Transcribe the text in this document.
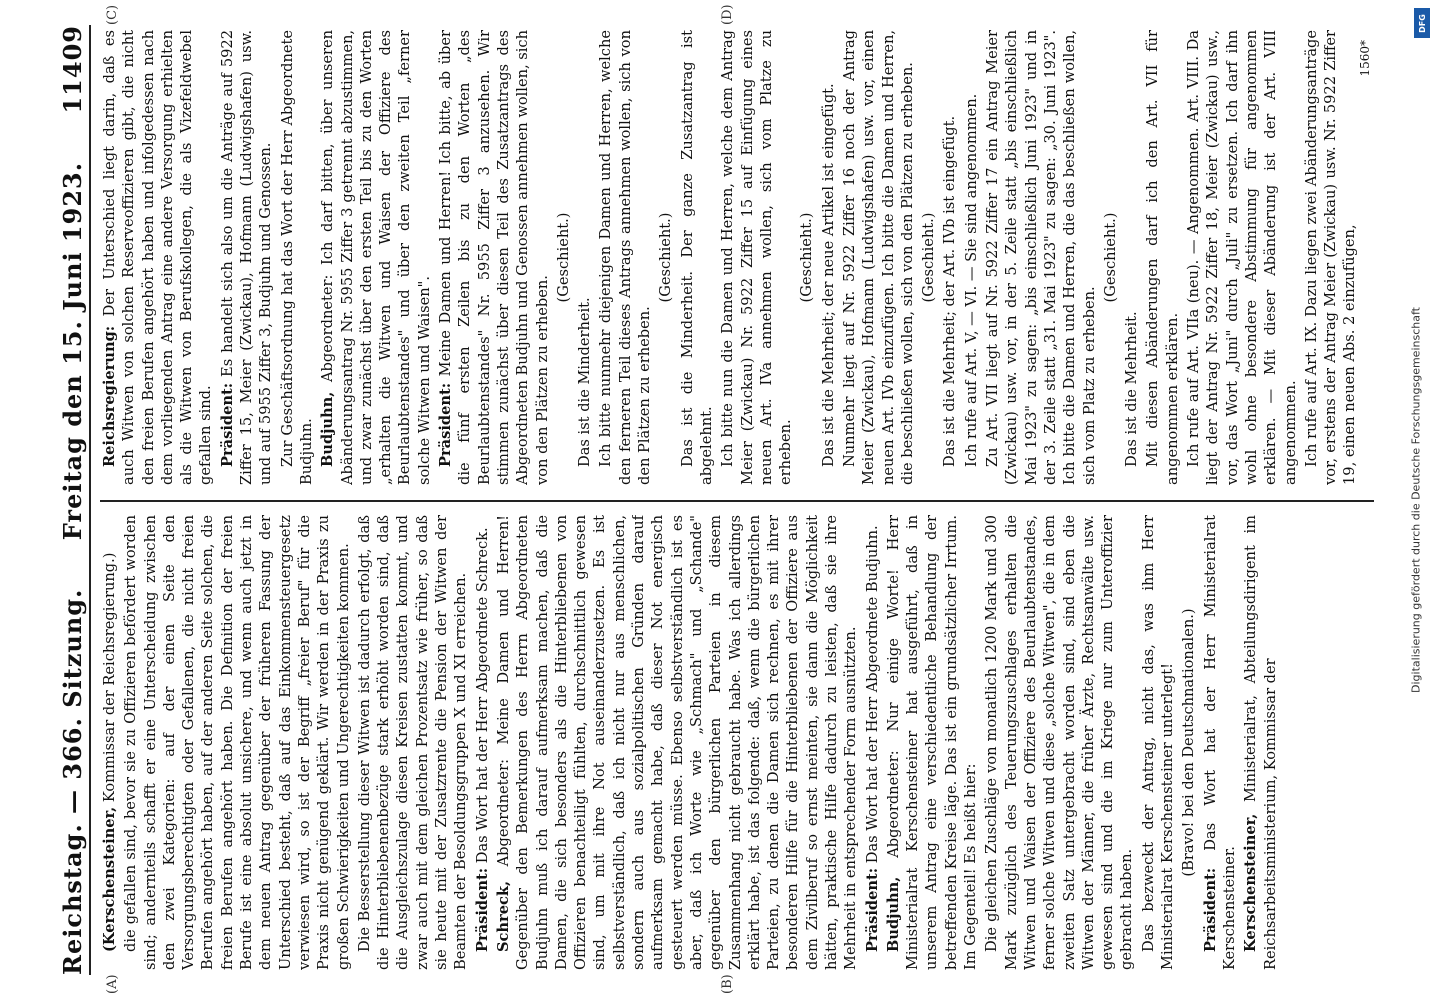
Reichstag. — 366. Sitzung.
Freitag den 15. Juni 1923.
11409
(A)	(B)
(C)	(D)

(Kerschensteiner, Kommissar der Reichsregierung.) die gefallen sind, bevor sie zu Offizieren befördert worden sind; andernteils schafft er eine Unterscheidung zwischen den zwei Kategorien: auf der einen Seite den Versorgungsberechtigten oder Gefallenen, die nicht freien Berufen angehört haben, auf der anderen Seite solchen, die freien Berufen angehört haben. Die Definition der freien Berufe ist eine absolut unsichere, und wenn auch jetzt in dem neuen Antrag gegenüber der früheren Fassung der Unterschied besteht, daß auf das Einkommensteuergesetz verwiesen wird, so ist der Begriff „freier Beruf" für die Praxis nicht genügend geklärt. Wir werden in der Praxis zu großen Schwierigkeiten und Ungerechtigkeiten kommen. Die Besserstellung dieser Witwen ist dadurch erfolgt, daß die Hinterbliebenenbezüge stark erhöht worden sind, daß die Ausgleichszulage diesen Kreisen zustatten kommt, und zwar auch mit dem gleichen Prozentsatz wie früher, so daß sie heute mit der Zusatzrente die Pension der Witwen der Beamten der Besoldungsgruppen X und XI erreichen. Präsident: Das Wort hat der Herr Abgeordnete Schreck.

Schreck, Abgeordneter: Meine Damen und Herren! Gegenüber den Bemerkungen des Herrn Abgeordneten Budjuhn muß ich darauf aufmerksam machen, daß die Damen, die sich besonders als die Hinterbliebenen von Offizieren benachteiligt fühlten, durchschnittlich gewesen sind, um mit ihre Not auseinanderzusetzen. Es ist selbstverständlich, daß ich nicht nur aus menschlichen, sondern auch aus sozialpolitischen Gründen darauf aufmerksam gemacht habe, daß dieser Not energisch gesteuert werden müsse. Ebenso selbstverständlich ist es aber, daß ich Worte wie „Schmach" und „Schande" gegenüber den bürgerlichen Parteien in diesem Zusammenhang nicht gebraucht habe. Was ich allerdings erklärt habe, ist das folgende: daß, wenn die bürgerlichen Parteien, zu denen die Damen sich rechnen, es mit ihrer besonderen Hilfe für die Hinterbliebenen der Offiziere aus dem Zivilberuf so ernst meinten, sie dann die Möglichkeit hätten, praktische Hilfe dadurch zu leisten, daß sie ihre Mehrheit in entsprechender Form ausnützten. Präsident: Das Wort hat der Herr Abgeordnete Budjuhn.

Budjuhn, Abgeordneter: Nur einige Worte! Herr Ministerialrat Kerschensteiner hat ausgeführt, daß in unserem Antrag eine verschiedentliche Behandlung der betreffenden Kreise läge. Das ist ein grundsätzlicher Irrtum. Im Gegenteil! Es heißt hier: Die gleichen Zuschläge von monatlich 1200 Mark und 300 Mark zuzüglich des Teuerungszuschlages erhalten die Witwen und Waisen der Offiziere des Beurlaubtenstandes, ferner solche Witwen und diese „solche Witwen", die in dem zweiten Satz untergebracht worden sind, sind eben die Witwen der Männer, die früher Ärzte, Rechtsanwälte usw. gewesen sind und die im Kriege nur zum Unteroffizier gebracht haben. Das bezweckt der Antrag, nicht das, was ihm Herr Ministerialrat Kerschensteiner unterlegt! (Bravo! bei den Deutschnationalen.)

Präsident: Das Wort hat der Herr Ministerialrat Kerschensteiner. Kerschensteiner, Ministerialrat, Abteilungsdirigent im Reichsarbeitsministerium, Kommissar der

Reichsregierung: Der Unterschied liegt darin, daß es auch Witwen von solchen Reserveoffizieren gibt, die nicht den freien Berufen angehört haben und infolgedessen nach dem vorliegenden Antrag eine andere Versorgung erhielten als die Witwen von Berufskollegen, die als Vizefeldwebel gefallen sind. Präsident: Es handelt sich also um die Anträge auf 5922 Ziffer 15, Meier (Zwickau), Hofmann (Ludwigshafen) usw. und auf 5955 Ziffer 3, Budjuhn und Genossen. Zur Geschäftsordnung hat das Wort der Herr Abgeordnete Budjuhn. Budjuhn, Abgeordneter: Ich darf bitten, über unseren Abänderungsantrag Nr. 5955 Ziffer 3 getrennt abzustimmen, und zwar zunächst über den ersten Teil bis zu den Worten „erhalten die Witwen und Waisen der Offiziere des Beurlaubtenstandes" und über den zweiten Teil „ferner solche Witwen und Waisen". Präsident: Meine Damen und Herren! Ich bitte, ab über die fünf ersten Zeilen bis zu den Worten „des Beurlaubtenstandes" Nr. 5955 Ziffer 3 anzusehen. Wir stimmen zunächst über diesen Teil des Zusatzantrags des Abgeordneten Budjuhn und Genossen annehmen wollen, sich von den Plätzen zu erheben.

(Geschieht.)

Das ist die Minderheit. Ich bitte nunmehr diejenigen Damen und Herren, welche den ferneren Teil dieses Antrags annehmen wollen, sich von den Plätzen zu erheben.

(Geschieht.) Das ist die Minderheit. Der ganze Zusatzantrag ist abgelehnt. Ich bitte nun die Damen und Herren, welche dem Antrag Meier (Zwickau) Nr. 5922 Ziffer 15 auf Einfügung eines neuen Art. IVa annehmen wollen, sich vom Platze zu erheben.

(Geschieht.) Das ist die Mehrheit; der neue Artikel ist eingefügt. Nunmehr liegt auf Nr. 5922 Ziffer 16 noch der Antrag Meier (Zwickau), Hofmann (Ludwigshafen) usw. vor, einen neuen Art. IVb einzufügen. Ich bitte die Damen und Herren, die beschließen wollen, sich von den Plätzen zu erheben. (Geschieht.) Das ist die Mehrheit; der Art. IVb ist eingefügt. Ich rufe auf Art. V, — VI. — Sie sind angenommen. Zu Art. VII liegt auf Nr. 5922 Ziffer 17 ein Antrag Meier (Zwickau) usw. vor, in der 5. Zeile statt „bis einschließlich Mai 1923" zu sagen: „bis einschließlich Juni 1923" und in der 3. Zeile statt „31. Mai 1923" zu sagen: „30. Juni 1923". Ich bitte die Damen und Herren, die das beschließen wollen, sich vom Platz zu erheben.

(Geschieht.)

Das ist die Mehrheit. Mit diesen Abänderungen darf ich den Art. VII für angenommen erklären. Ich rufe auf Art. VIIa (neu). — Angenommen. Art. VIII. Da liegt der Antrag Nr. 5922 Ziffer 18, Meier (Zwickau) usw., vor, das Wort „Juni" durch „Juli" zu ersetzen. Ich darf ihn wohl ohne besondere Abstimmung für angenommen erklären. — Mit dieser Abänderung ist der Art. VIII angenommen. Ich rufe auf Art. IX. Dazu liegen zwei Abänderungsanträge vor, erstens der Antrag Meier (Zwickau) usw. Nr. 5922 Ziffer 19, einen neuen Abs. 2 einzufügen,

1560*
Digitalisierung gefördert durch die Deutsche Forschungsgemeinschaft
DFG
